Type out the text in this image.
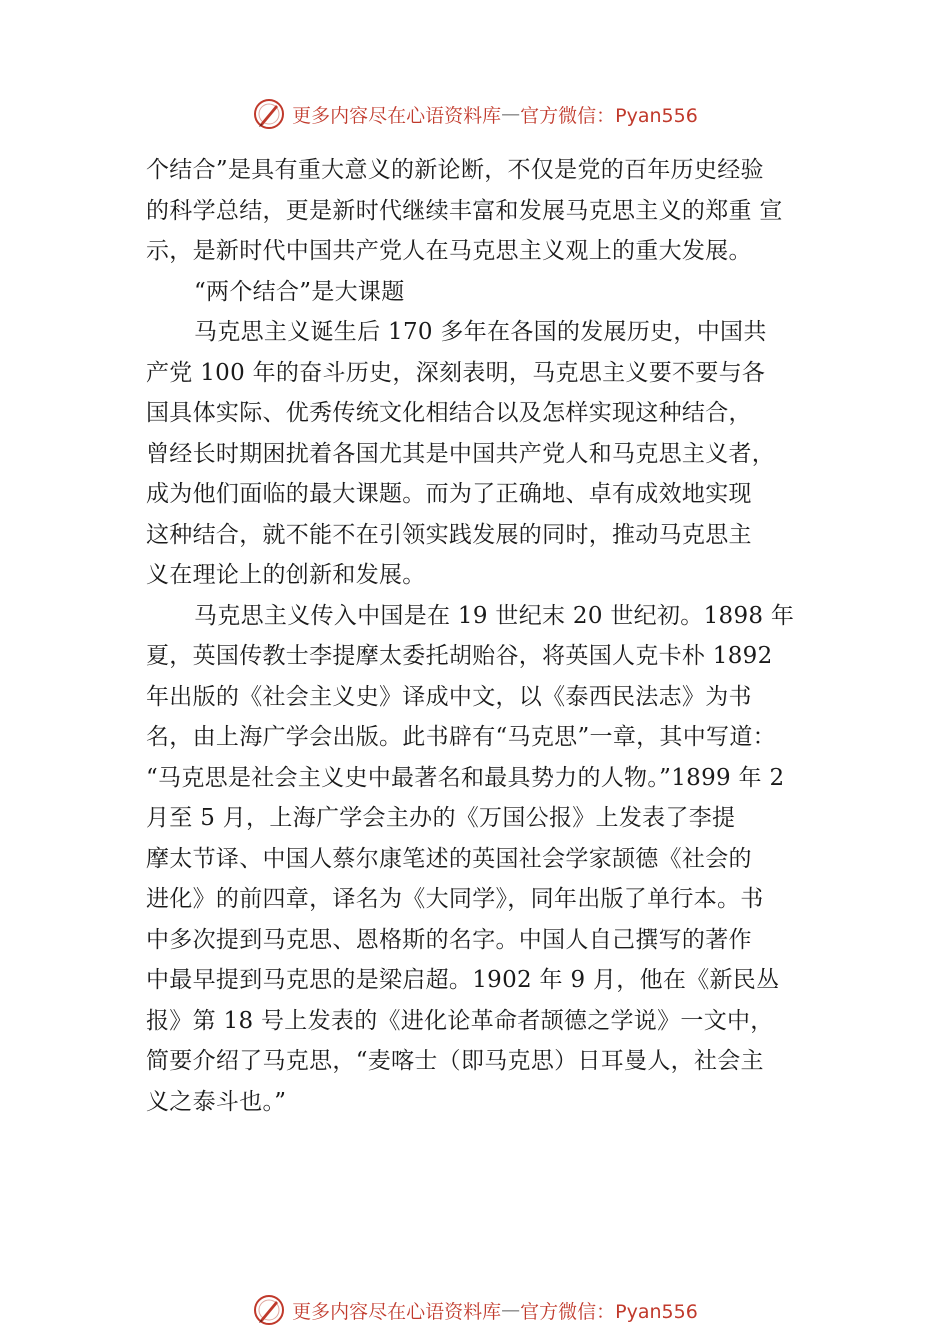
更多内容尽在心语资料库 — 官方微信：Pyan556
个结合”是具有重大意义的新论断，不仅是党的百年历史经验
的科学总结，更是新时代继续丰富和发展马克思主义的郑重 宣
示，是新时代中国共产党人在马克思主义观上的重大发展。
“两个结合”是大课题
马克思主义诞生后 170 多年在各国的发展历史，中国共
产党 100 年的奋斗历史，深刻表明，马克思主义要不要与各
国具体实际、优秀传统文化相结合以及怎样实现这种结合，
曾经长时期困扰着各国尤其是中国共产党人和马克思主义者，
成为他们面临的最大课题。而为了正确地、卓有成效地实现
这种结合，就不能不在引领实践发展的同时，推动马克思主
义在理论上的创新和发展。
马克思主义传入中国是在 19 世纪末 20 世纪初。1898 年
夏，英国传教士李提摩太委托胡贻谷，将英国人克卡朴 1892
年出版的《社会主义史》译成中文，以《泰西民法志》为书
名，由上海广学会出版。此书辟有“马克思”一章，其中写道：
“马克思是社会主义史中最著名和最具势力的人物。”1899 年 2
月至 5 月，上海广学会主办的《万国公报》上发表了李提
摩太节译、中国人蔡尔康笔述的英国社会学家颉德《社会的
进化》的前四章，译名为《大同学》，同年出版了单行本。书
中多次提到马克思、恩格斯的名字。中国人自己撰写的著作
中最早提到马克思的是梁启超。1902 年 9 月，他在《新民丛
报》第 18 号上发表的《进化论革命者颉德之学说》一文中，
简要介绍了马克思，“麦喀士（即马克思）日耳曼人，社会主
义之泰斗也。”
更多内容尽在心语资料库 — 官方微信：Pyan556
